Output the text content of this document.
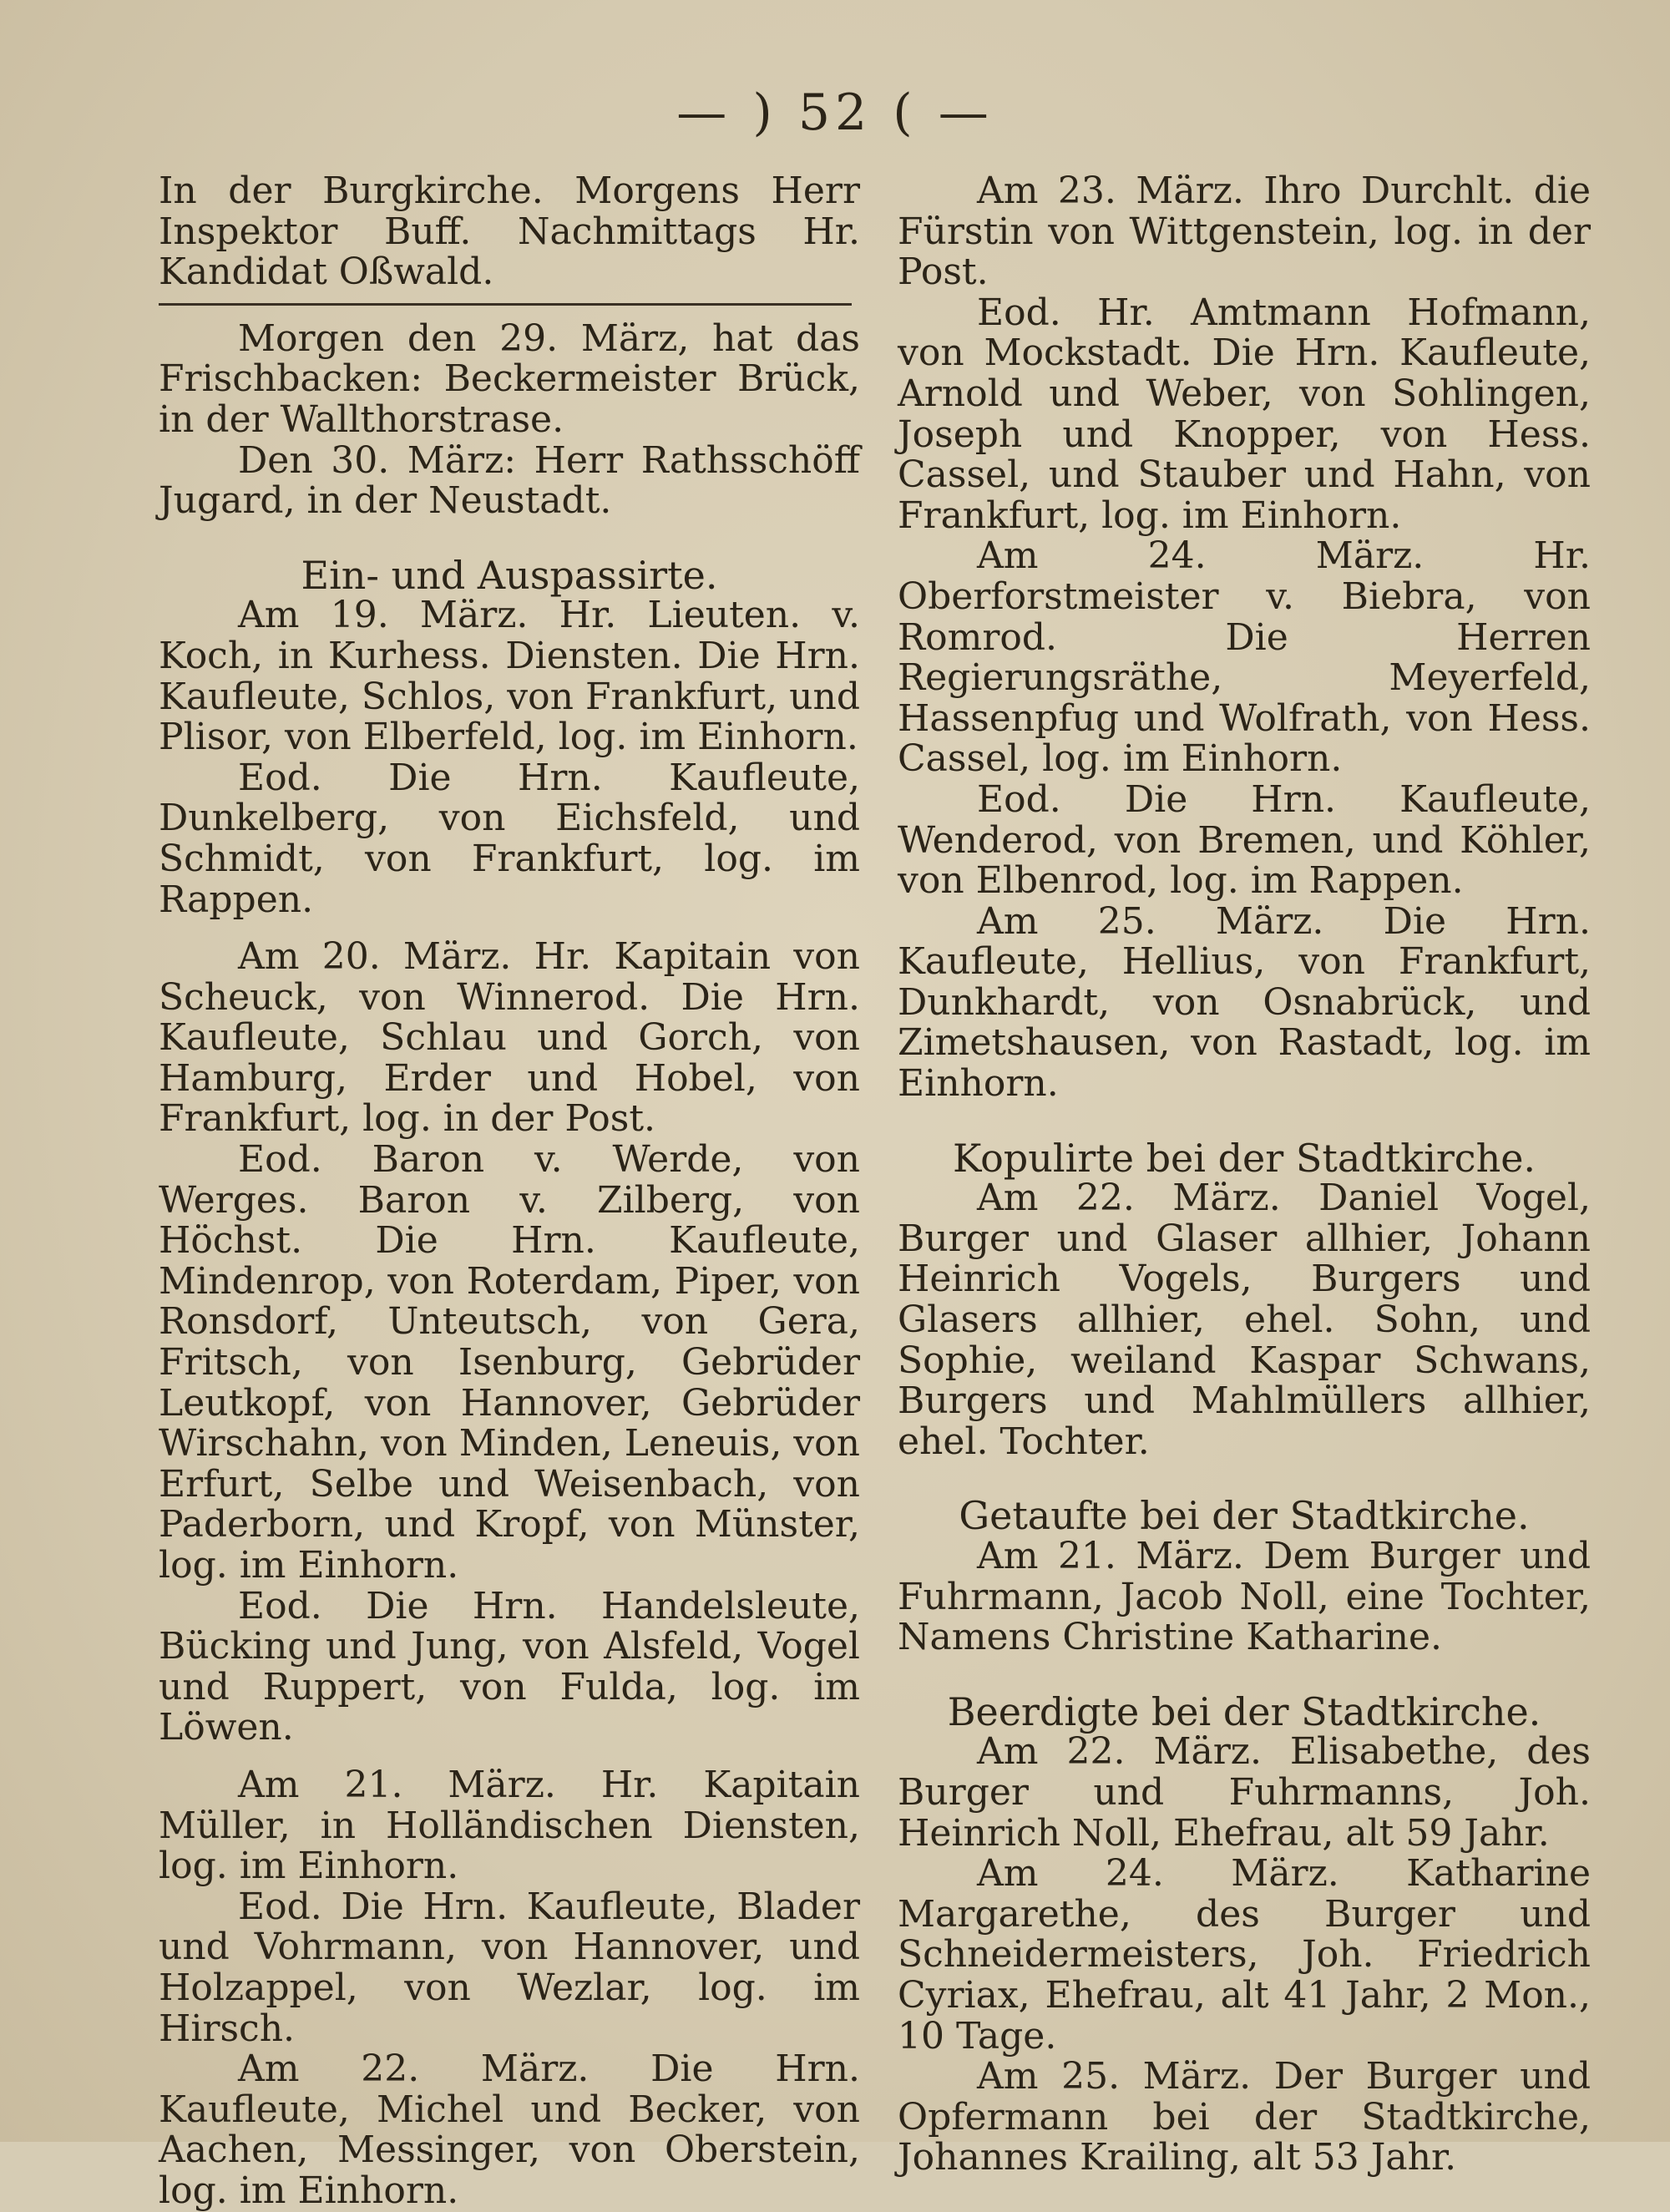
— ) 52 ( —

In der Burgkirche. Morgens Herr Inspektor Buff. Nachmittags Hr. Kandidat Oßwald.

Morgen den 29. März, hat das Frischbacken: Beckermeister Brück, in der Wallthorstrase.

Den 30. März: Herr Rathsschöff Jugard, in der Neustadt.

Ein- und Auspassirte.

Am 19. März. Hr. Lieuten. v. Koch, in Kurhess. Diensten. Die Hrn. Kaufleute, Schlos, von Frankfurt, und Plisor, von Elberfeld, log. im Einhorn.

Eod. Die Hrn. Kaufleute, Dunkelberg, von Eichsfeld, und Schmidt, von Frankfurt, log. im Rappen.

Am 20. März. Hr. Kapitain von Scheuck, von Winnerod. Die Hrn. Kaufleute, Schlau und Gorch, von Hamburg, Erder und Hobel, von Frankfurt, log. in der Post.

Eod. Baron v. Werde, von Werges. Baron v. Zilberg, von Höchst. Die Hrn. Kaufleute, Mindenrop, von Roterdam, Piper, von Ronsdorf, Unteutsch, von Gera, Fritsch, von Isenburg, Gebrüder Leutkopf, von Hannover, Gebrüder Wirschahn, von Minden, Leneuis, von Erfurt, Selbe und Weisenbach, von Paderborn, und Kropf, von Münster, log. im Einhorn.

Eod. Die Hrn. Handelsleute, Bücking und Jung, von Alsfeld, Vogel und Ruppert, von Fulda, log. im Löwen.

Am 21. März. Hr. Kapitain Müller, in Holländischen Diensten, log. im Einhorn.

Eod. Die Hrn. Kaufleute, Blader und Vohrmann, von Hannover, und Holzappel, von Wezlar, log. im Hirsch.

Am 22. März. Die Hrn. Kaufleute, Michel und Becker, von Aachen, Messinger, von Oberstein, log. im Einhorn.

Am 23. März. Ihro Durchlt. die Fürstin von Wittgenstein, log. in der Post.

Eod. Hr. Amtmann Hofmann, von Mockstadt. Die Hrn. Kaufleute, Arnold und Weber, von Sohlingen, Joseph und Knopper, von Hess. Cassel, und Stauber und Hahn, von Frankfurt, log. im Einhorn.

Am 24. März. Hr. Oberforstmeister v. Biebra, von Romrod. Die Herren Regierungsräthe, Meyerfeld, Hassenpfug und Wolfrath, von Hess. Cassel, log. im Einhorn.

Eod. Die Hrn. Kaufleute, Wenderod, von Bremen, und Köhler, von Elbenrod, log. im Rappen.

Am 25. März. Die Hrn. Kaufleute, Hellius, von Frankfurt, Dunkhardt, von Osnabrück, und Zimetshausen, von Rastadt, log. im Einhorn.

Kopulirte bei der Stadtkirche.

Am 22. März. Daniel Vogel, Burger und Glaser allhier, Johann Heinrich Vogels, Burgers und Glasers allhier, ehel. Sohn, und Sophie, weiland Kaspar Schwans, Burgers und Mahlmüllers allhier, ehel. Tochter.

Getaufte bei der Stadtkirche.

Am 21. März. Dem Burger und Fuhrmann, Jacob Noll, eine Tochter, Namens Christine Katharine.

Beerdigte bei der Stadtkirche.

Am 22. März. Elisabethe, des Burger und Fuhrmanns, Joh. Heinrich Noll, Ehefrau, alt 59 Jahr.

Am 24. März. Katharine Margarethe, des Burger und Schneidermeisters, Joh. Friedrich Cyriax, Ehefrau, alt 41 Jahr, 2 Mon., 10 Tage.

Am 25. März. Der Burger und Opfermann bei der Stadtkirche, Johannes Krailing, alt 53 Jahr.
